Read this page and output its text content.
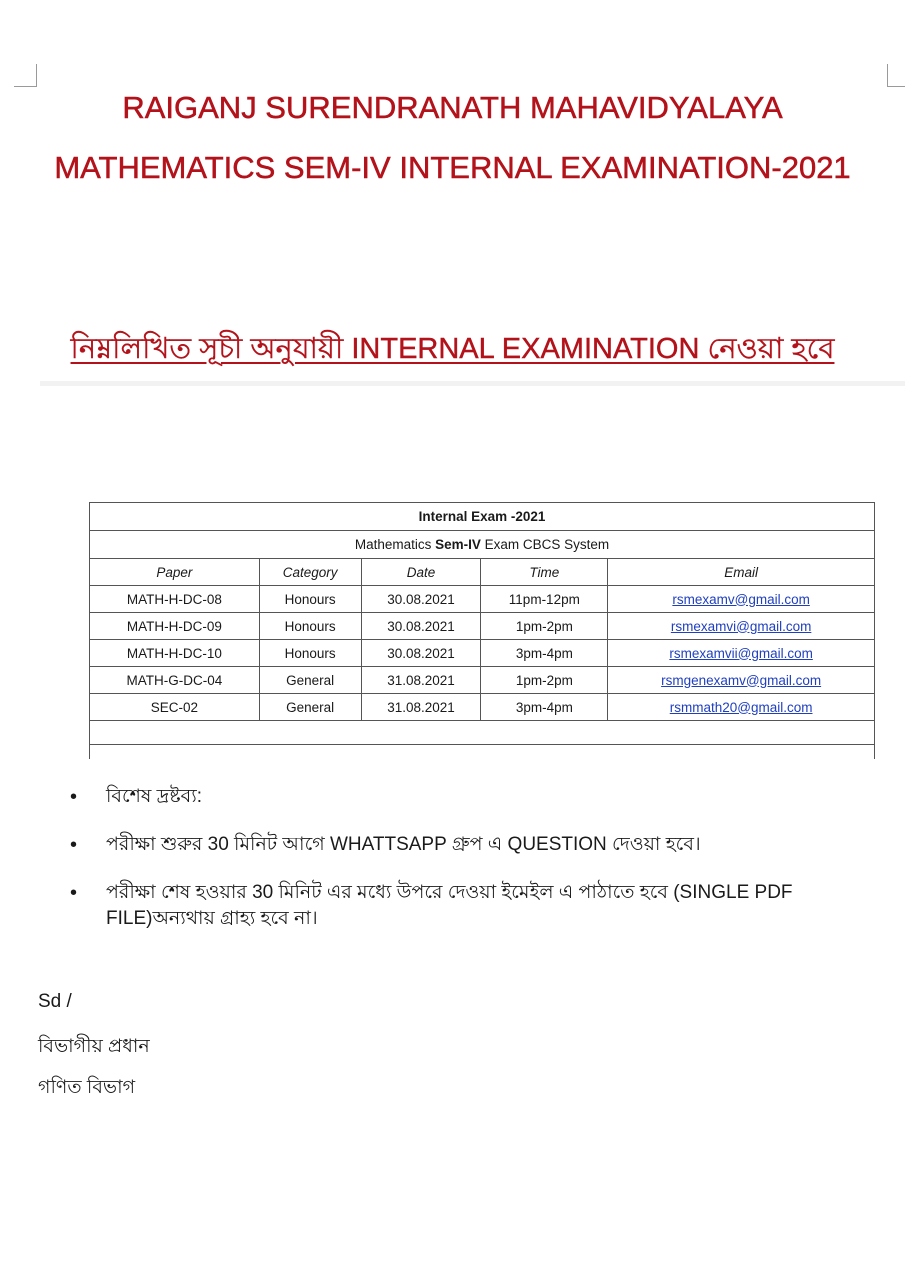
RAIGANJ SURENDRANATH MAHAVIDYALAYA
MATHEMATICS SEM-IV INTERNAL EXAMINATION-2021
নিম্নলিখিত সূচী অনুযায়ী INTERNAL EXAMINATION নেওয়া হবে
Internal Exam -2021				
Mathematics Sem-IV Exam CBCS System				
Paper	Category	Date	Time	Email
MATH-H-DC-08	Honours	30.08.2021	11pm-12pm	rsmexamv@gmail.com
MATH-H-DC-09	Honours	30.08.2021	1pm-2pm	rsmexamvi@gmail.com
MATH-H-DC-10	Honours	30.08.2021	3pm-4pm	rsmexamvii@gmail.com
MATH-G-DC-04	General	31.08.2021	1pm-2pm	rsmgenexamv@gmail.com
SEC-02	General	31.08.2021	3pm-4pm	rsmmath20@gmail.com

• বিশেষ দ্রষ্টব্য:
• পরীক্ষা শুরুর 30 মিনিট আগে WHATTSAPP গ্রুপ এ QUESTION দেওয়া হবে।
• পরীক্ষা শেষ হওয়ার 30 মিনিট এর মধ্যে উপরে দেওয়া ইমেইল এ পাঠাতে হবে (SINGLE PDF FILE)অন্যথায় গ্রাহ্য হবে না।
Sd /
বিভাগীয় প্রধান
গণিত বিভাগ
